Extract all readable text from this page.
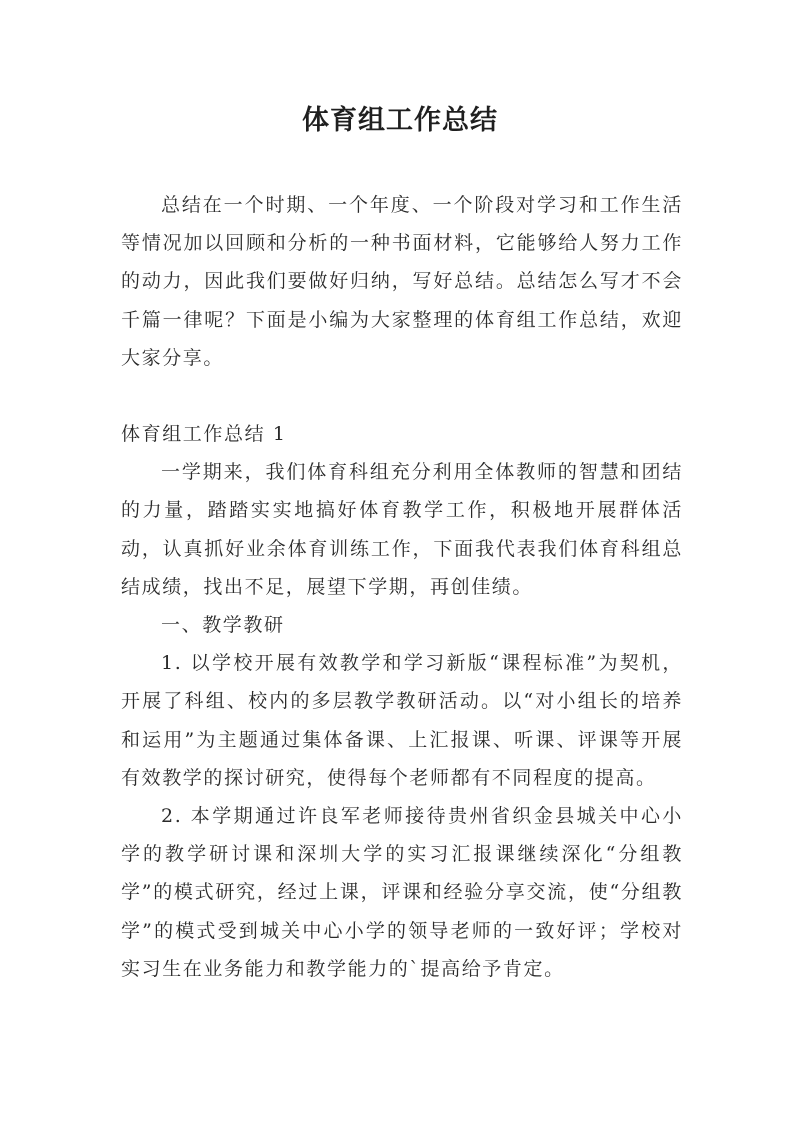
体育组工作总结

总结在一个时期、一个年度、一个阶段对学习和工作生活等情况加以回顾和分析的一种书面材料，它能够给人努力工作的动力，因此我们要做好归纳，写好总结。总结怎么写才不会千篇一律呢？下面是小编为大家整理的体育组工作总结，欢迎大家分享。

体育组工作总结 1

一学期来，我们体育科组充分利用全体教师的智慧和团结的力量，踏踏实实地搞好体育教学工作，积极地开展群体活动，认真抓好业余体育训练工作，下面我代表我们体育科组总结成绩，找出不足，展望下学期，再创佳绩。

一、教学教研

1. 以学校开展有效教学和学习新版“课程标准”为契机，开展了科组、校内的多层教学教研活动。以“对小组长的培养和运用”为主题通过集体备课、上汇报课、听课、评课等开展有效教学的探讨研究，使得每个老师都有不同程度的提高。

2. 本学期通过许良军老师接待贵州省织金县城关中心小学的教学研讨课和深圳大学的实习汇报课继续深化“分组教学”的模式研究，经过上课，评课和经验分享交流，使“分组教学”的模式受到城关中心小学的领导老师的一致好评；学校对实习生在业务能力和教学能力的`提高给予肯定。
